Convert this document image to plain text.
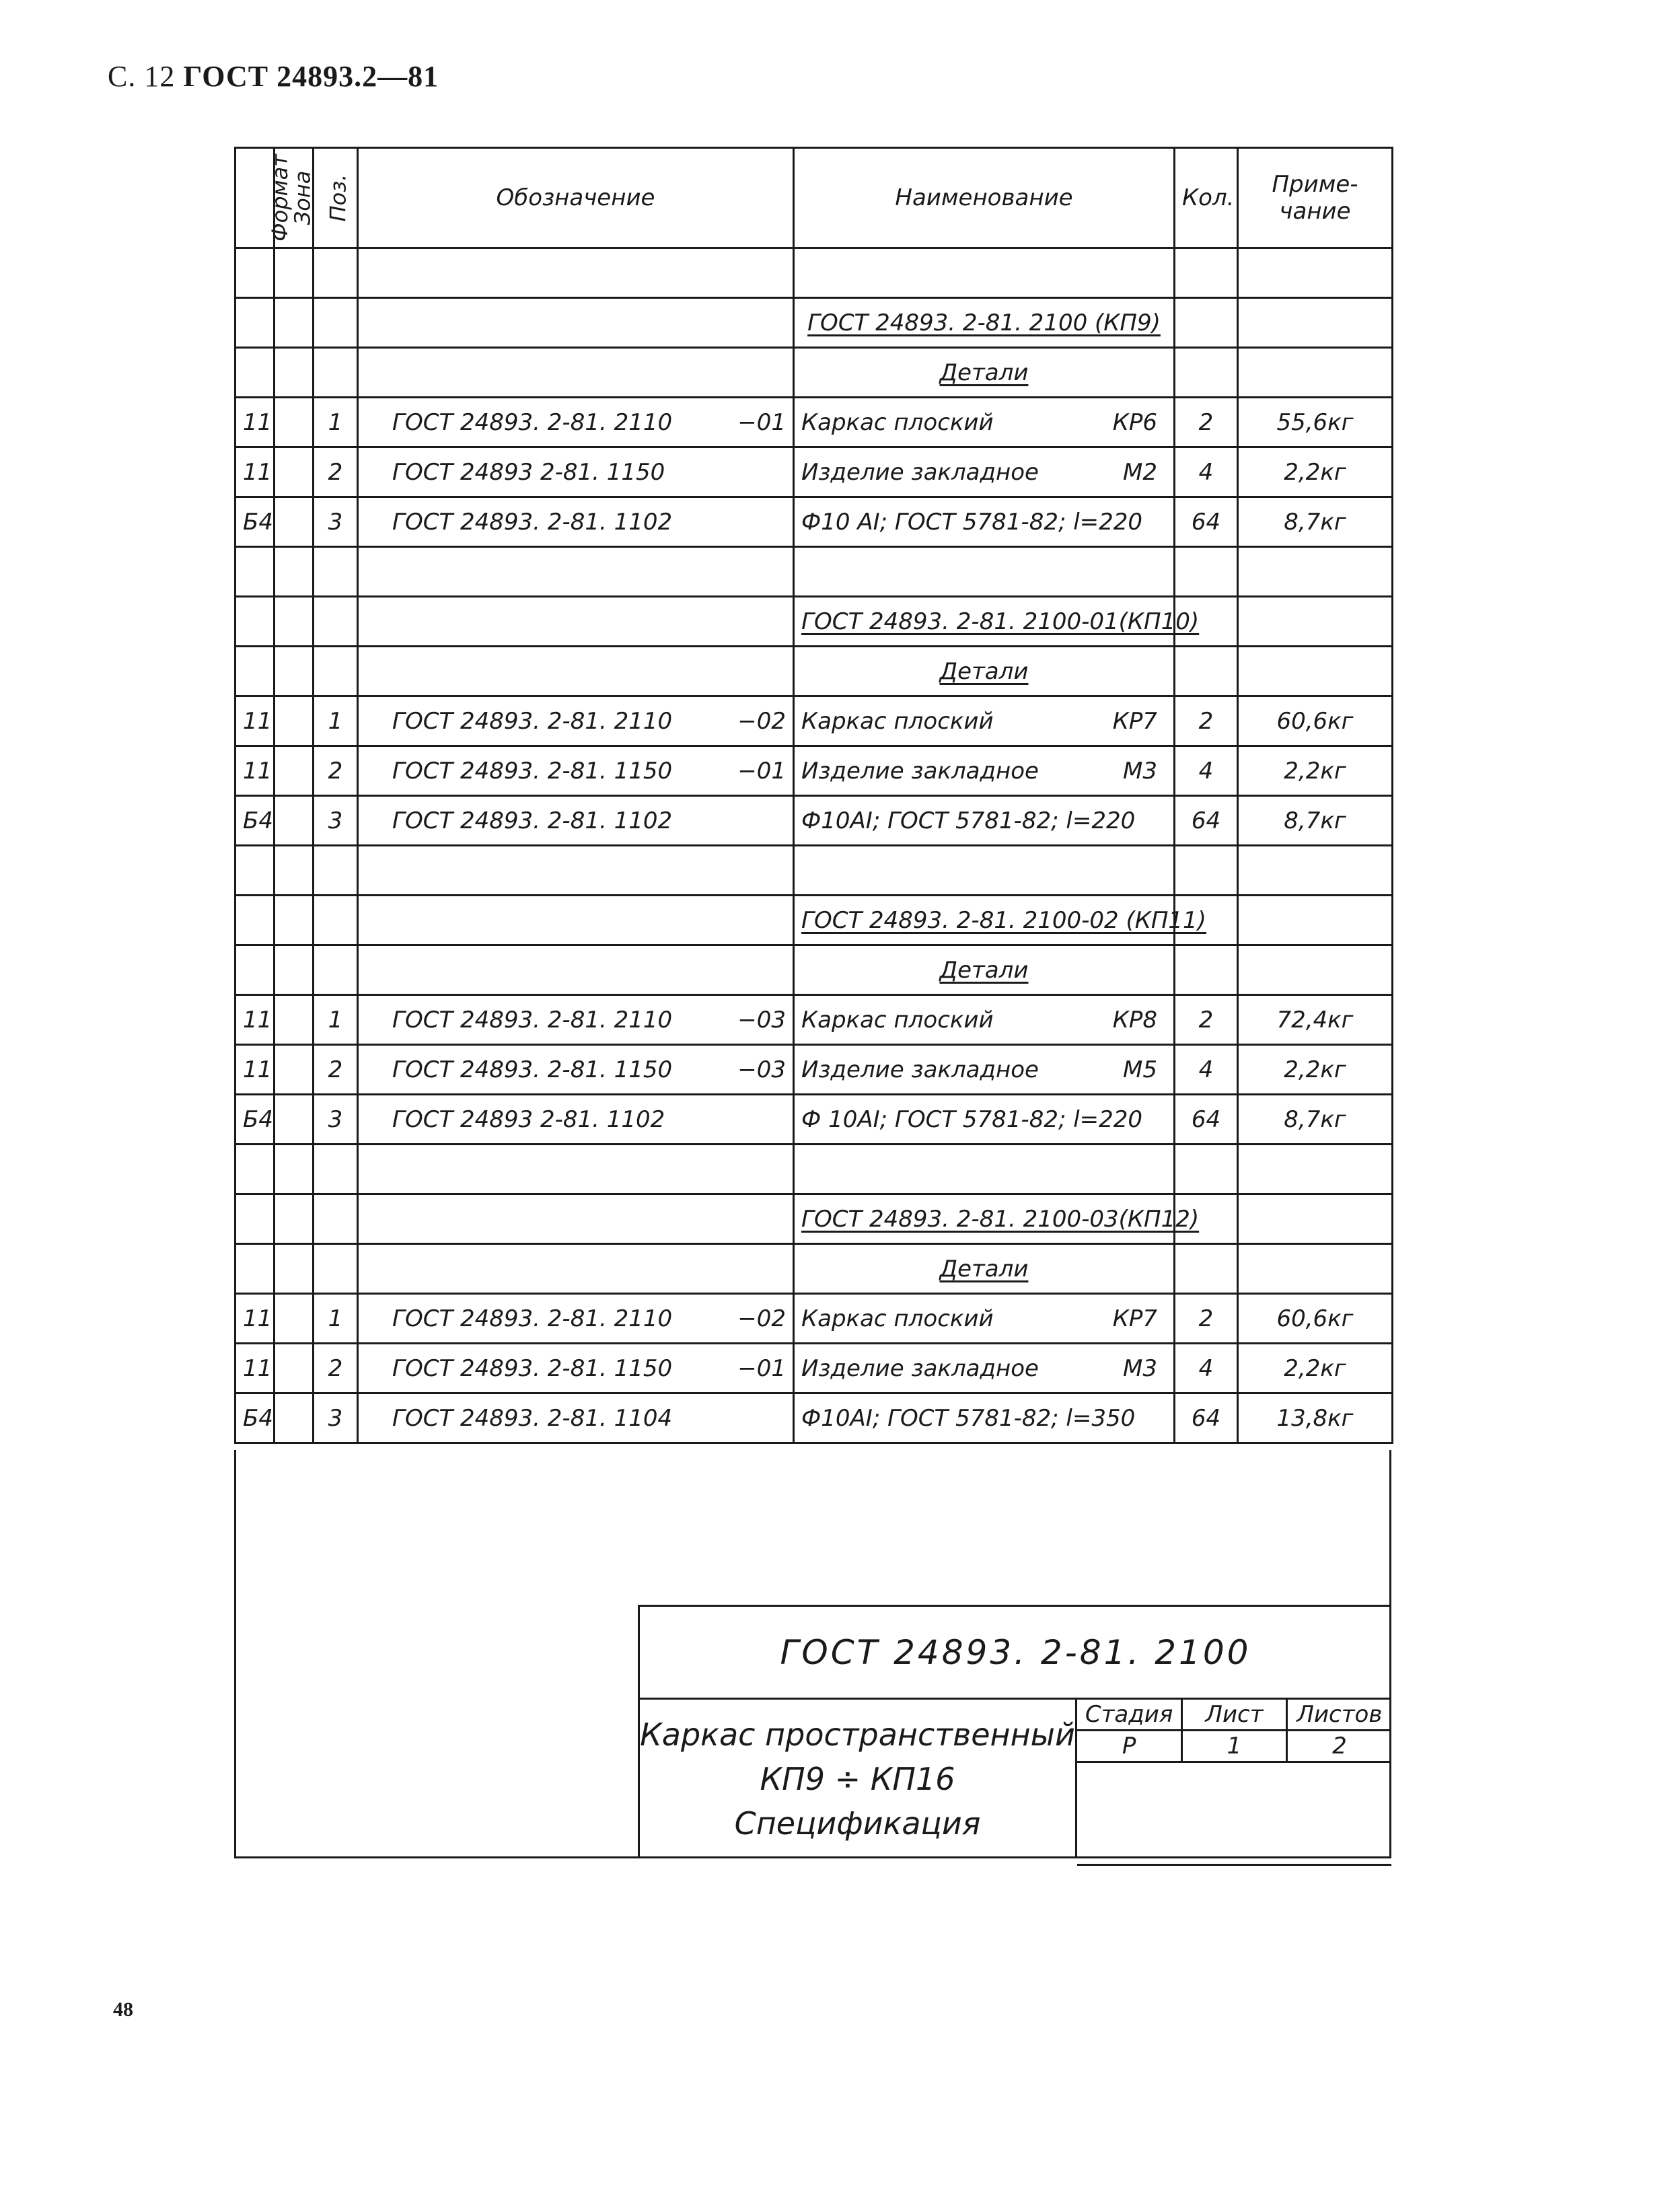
С. 12 ГОСТ 24893.2—81
Формат	Зона	Поз.	Обозначение	Наименование	Кол.	Приме-
чание

				ГОСТ 24893. 2-81. 2100 (КП9)		
				Детали		
11		1	ГОСТ 24893. 2-81. 2110 −01	Каркас плоский КР6	2	55,6кг
11		2	ГОСТ 24893 2-81. 1150	Изделие закладное М2	4	2,2кг
Б4		3	ГОСТ 24893. 2-81. 1102	Ф10 АI; ГОСТ 5781-82; l=220	64	8,7кг

				ГОСТ 24893. 2-81. 2100-01(КП10)		
				Детали		
11		1	ГОСТ 24893. 2-81. 2110 −02	Каркас плоский КР7	2	60,6кг
11		2	ГОСТ 24893. 2-81. 1150 −01	Изделие закладное М3	4	2,2кг
Б4		3	ГОСТ 24893. 2-81. 1102	Ф10АI; ГОСТ 5781-82; l=220	64	8,7кг

				ГОСТ 24893. 2-81. 2100-02 (КП11)		
				Детали		
11		1	ГОСТ 24893. 2-81. 2110 −03	Каркас плоский КР8	2	72,4кг
11		2	ГОСТ 24893. 2-81. 1150 −03	Изделие закладное М5	4	2,2кг
Б4		3	ГОСТ 24893 2-81. 1102	Ф 10АI; ГОСТ 5781-82; l=220	64	8,7кг

				ГОСТ 24893. 2-81. 2100-03(КП12)		
				Детали		
11		1	ГОСТ 24893. 2-81. 2110 −02	Каркас плоский КР7	2	60,6кг
11		2	ГОСТ 24893. 2-81. 1150 −01	Изделие закладное М3	4	2,2кг
Б4		3	ГОСТ 24893. 2-81. 1104	Ф10АI; ГОСТ 5781-82; l=350	64	13,8кг
ГОСТ 24893. 2-81. 2100
Каркас пространственный
КП9 ÷ КП16
Спецификация
Стадия	Лист	Листов
Р	1	2

48
